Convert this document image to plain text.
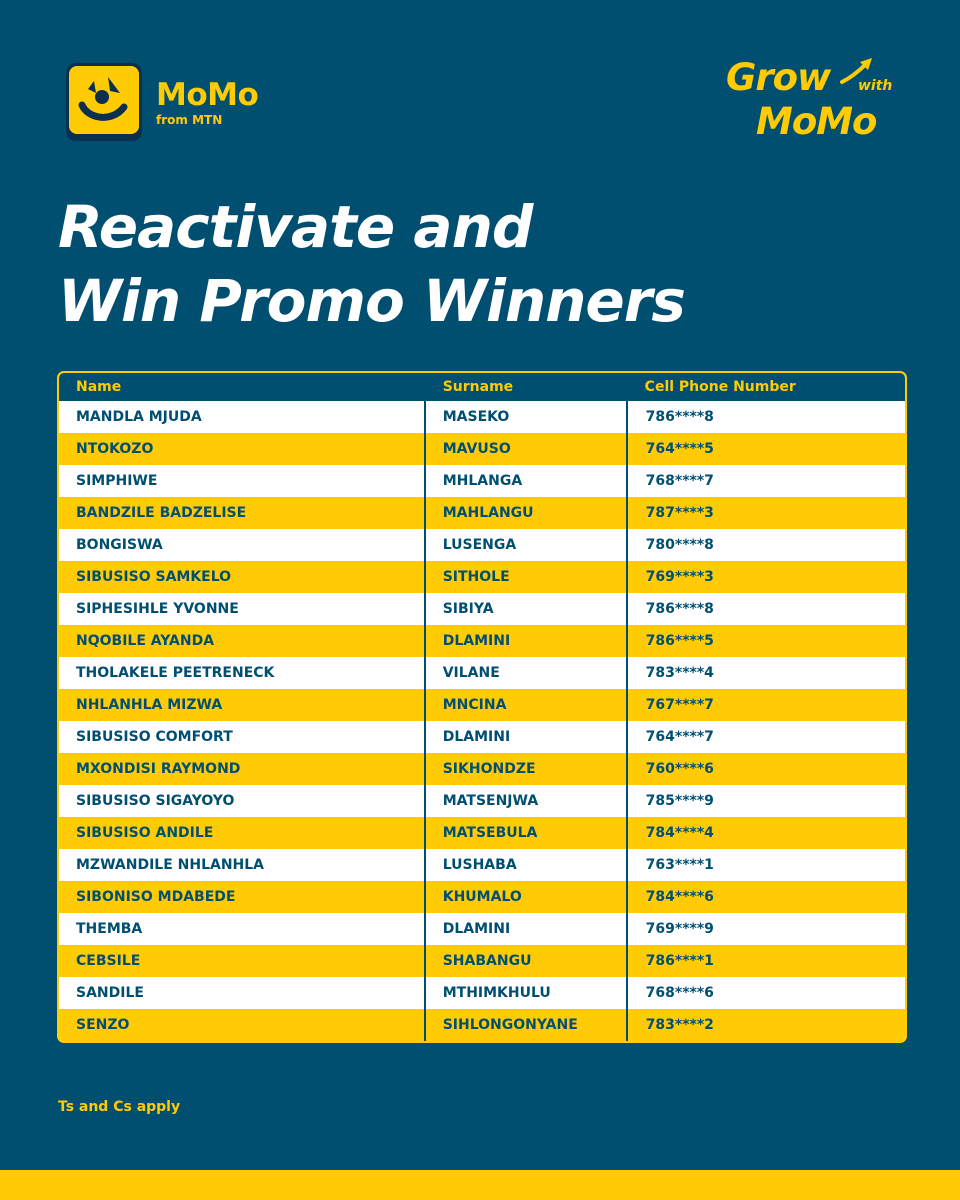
MoMo
from MTN
Grow with
MoMo
Reactivate and
Win Promo Winners
Name	Surname	Cell Phone Number
MANDLA MJUDA	MASEKO	786****8
NTOKOZO	MAVUSO	764****5
SIMPHIWE	MHLANGA	768****7
BANDZILE BADZELISE	MAHLANGU	787****3
BONGISWA	LUSENGA	780****8
SIBUSISO SAMKELO	SITHOLE	769****3
SIPHESIHLE YVONNE	SIBIYA	786****8
NQOBILE AYANDA	DLAMINI	786****5
THOLAKELE PEETRENECK	VILANE	783****4
NHLANHLA MIZWA	MNCINA	767****7
SIBUSISO COMFORT	DLAMINI	764****7
MXONDISI RAYMOND	SIKHONDZE	760****6
SIBUSISO SIGAYOYO	MATSENJWA	785****9
SIBUSISO ANDILE	MATSEBULA	784****4
MZWANDILE NHLANHLA	LUSHABA	763****1
SIBONISO MDABEDE	KHUMALO	784****6
THEMBA	DLAMINI	769****9
CEBSILE	SHABANGU	786****1
SANDILE	MTHIMKHULU	768****6
SENZO	SIHLONGONYANE	783****2
Ts and Cs apply
